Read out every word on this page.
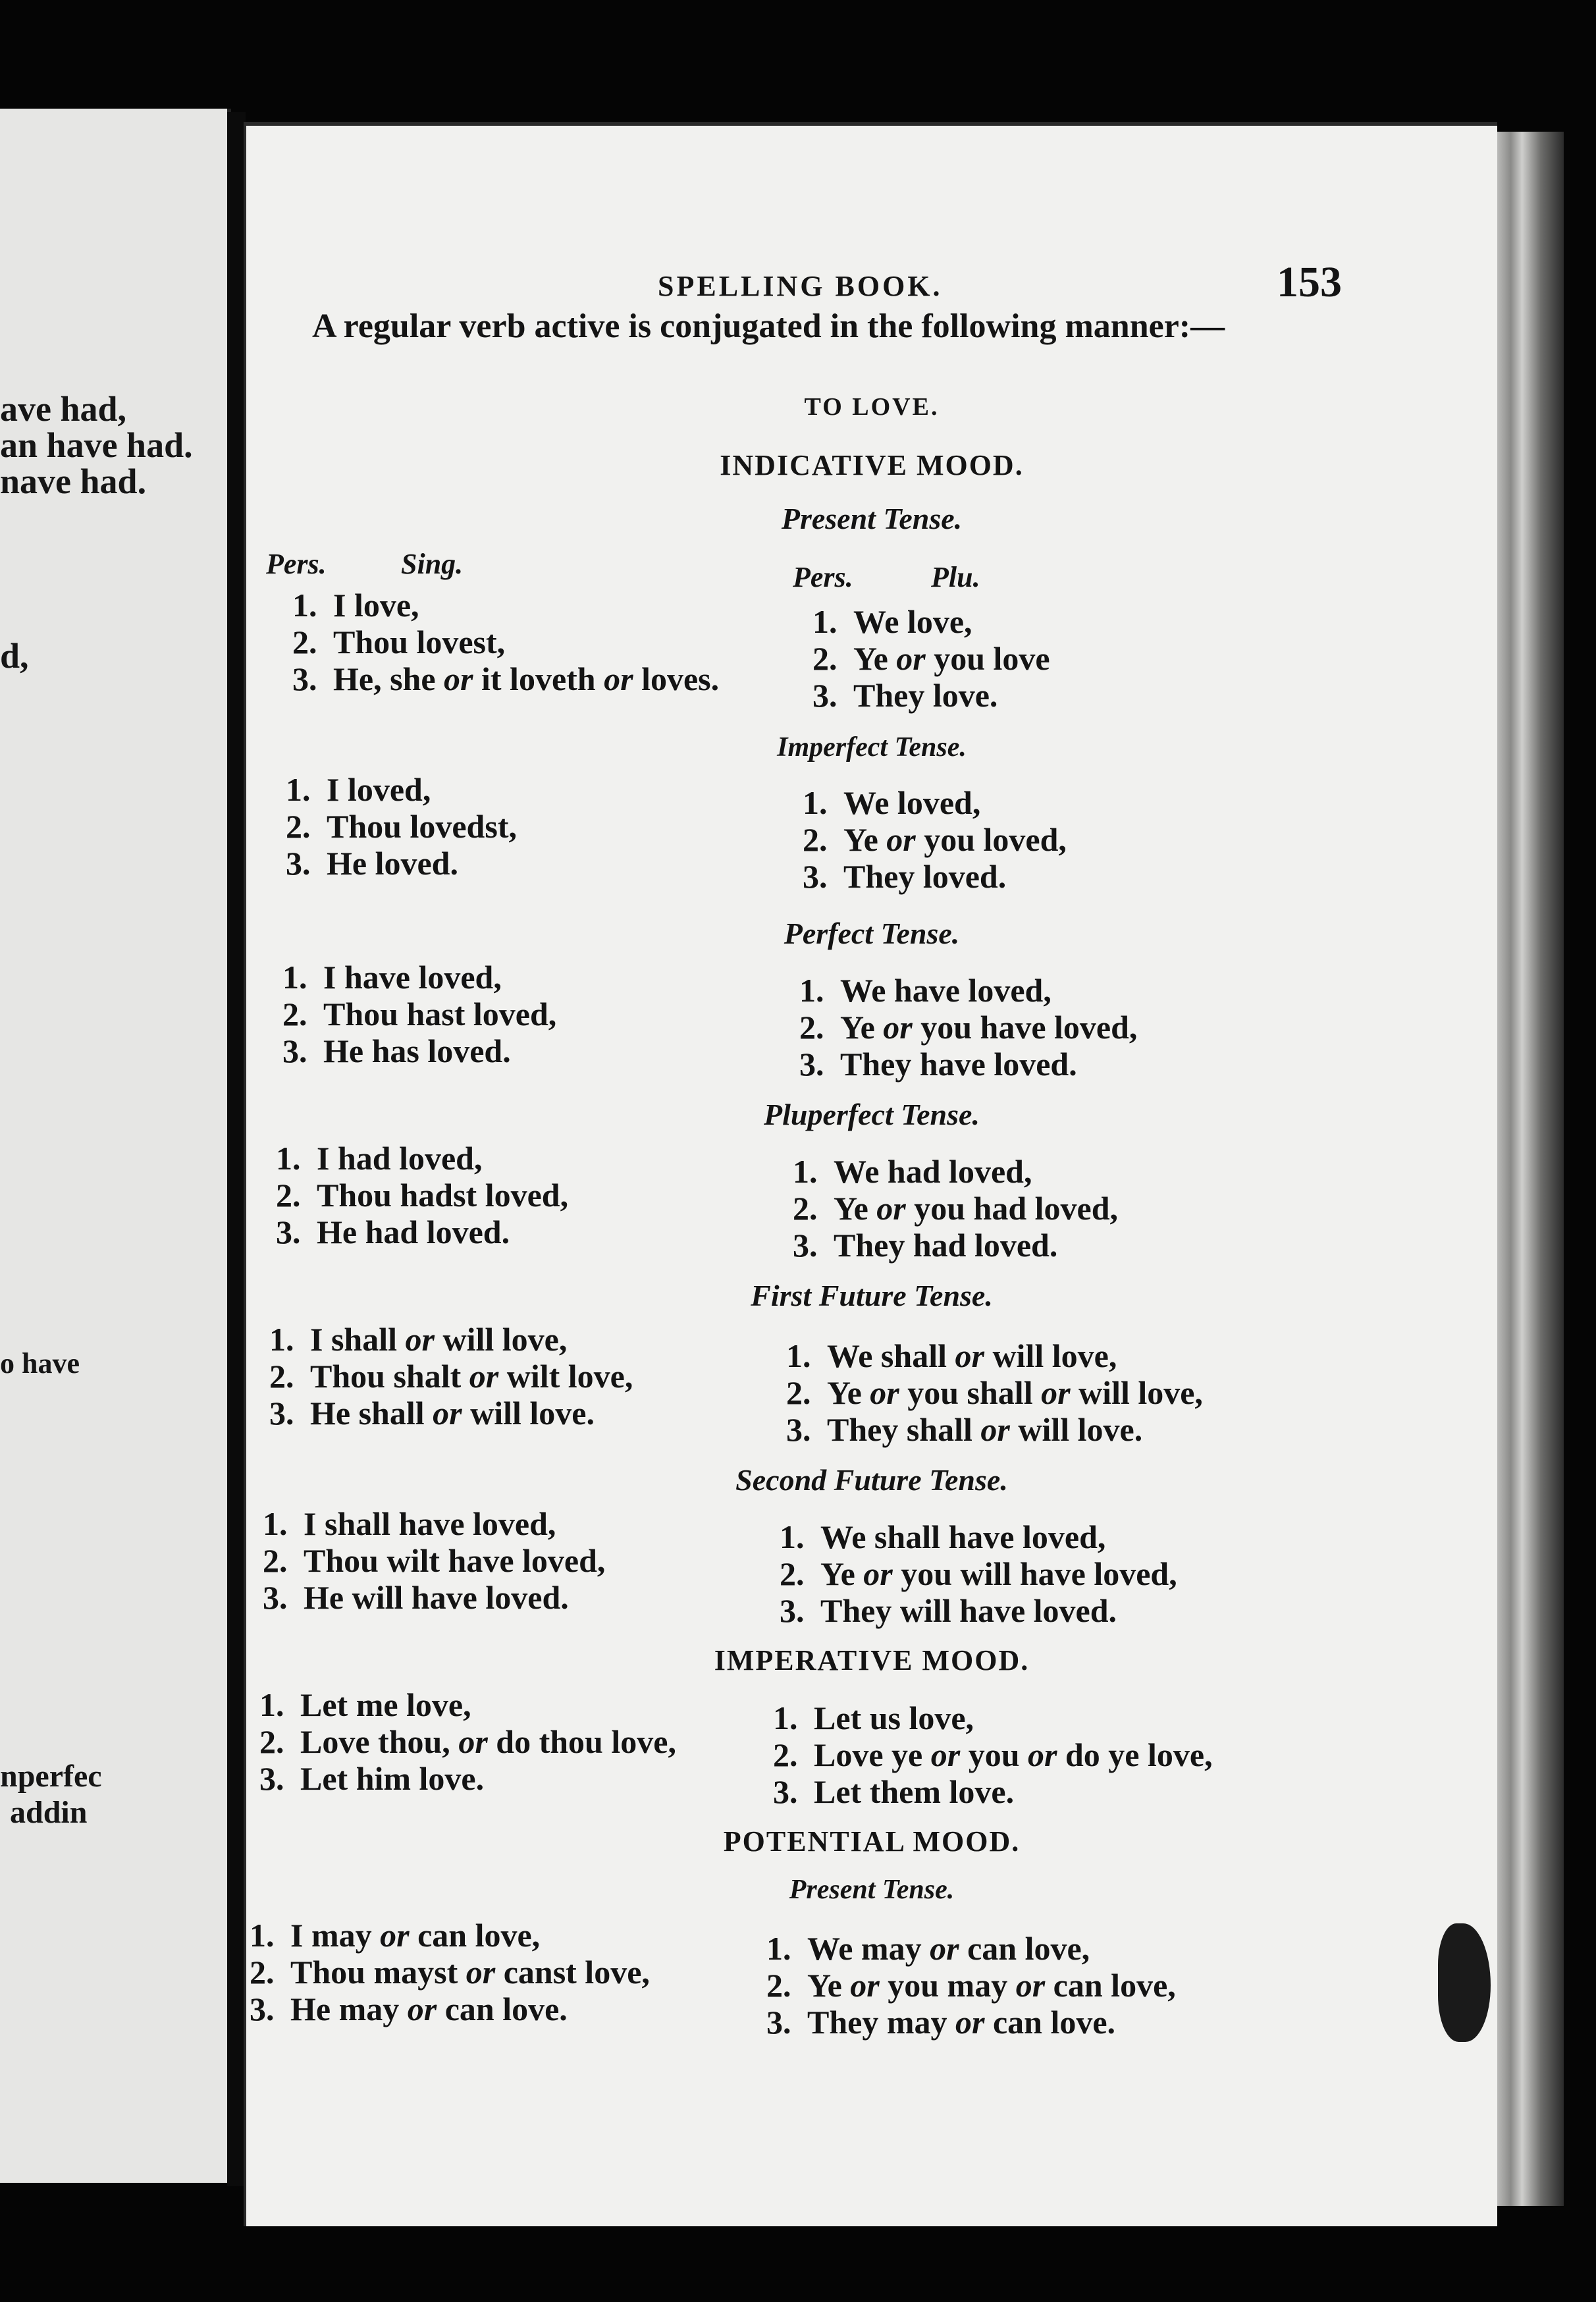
ave had,
an have had.
nave had.
d,
o have
nperfec
addin
SPELLING BOOK.	153
A regular verb active is conjugated in the following manner:—
TO LOVE.
INDICATIVE MOOD.
Present Tense.
Pers.	Sing.	Pers.	Plu.
1. I love,
2. Thou lovest,
3. He, she or it loveth or loves.
1. We love,
2. Ye or you love
3. They love.
Imperfect Tense.
1. I loved,
2. Thou lovedst,
3. He loved.
1. We loved,
2. Ye or you loved,
3. They loved.
Perfect Tense.
1. I have loved,
2. Thou hast loved,
3. He has loved.
1. We have loved,
2. Ye or you have loved,
3. They have loved.
Pluperfect Tense.
1. I had loved,
2. Thou hadst loved,
3. He had loved.
1. We had loved,
2. Ye or you had loved,
3. They had loved.
First Future Tense.
1. I shall or will love,
2. Thou shalt or wilt love,
3. He shall or will love.
1. We shall or will love,
2. Ye or you shall or will love,
3. They shall or will love.
Second Future Tense.
1. I shall have loved,
2. Thou wilt have loved,
3. He will have loved.
1. We shall have loved,
2. Ye or you will have loved,
3. They will have loved.
IMPERATIVE MOOD.
1. Let me love,
2. Love thou, or do thou love,
3. Let him love.
1. Let us love,
2. Love ye or you or do ye love,
3. Let them love.
POTENTIAL MOOD.
Present Tense.
1. I may or can love,
2. Thou mayst or canst love,
3. He may or can love.
1. We may or can love,
2. Ye or you may or can love,
3. They may or can love.
